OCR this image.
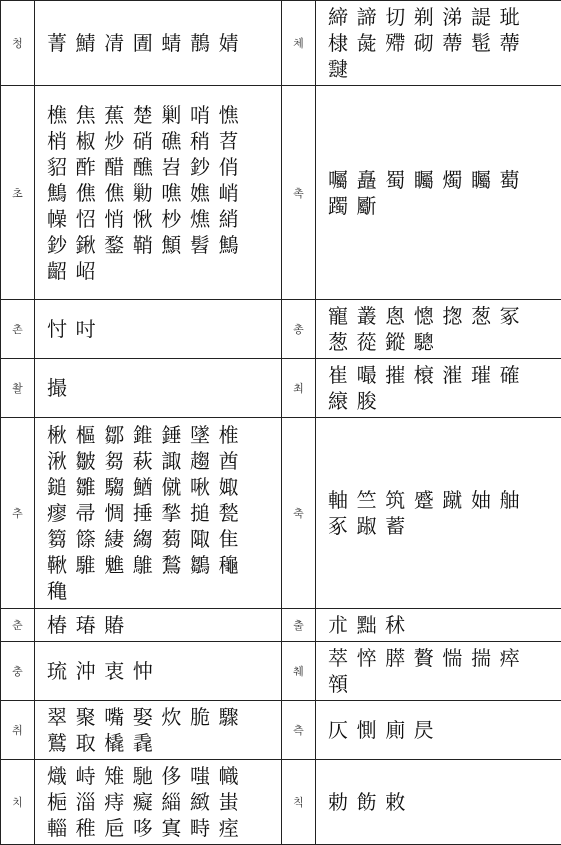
청	菁鯖凊圊蜻鶄婧	체	締諦切剃涕諟玼棣彘殢砌蔕髢蔕靆
초	樵焦蕉楚剿哨憔梢椒炒硝礁稍苕貂酢醋醮岧鈔俏鷦僬僬勦噍嫶峭幧怊悄愀杪燋綃鈔鍬鍪鞘顦髫鷦齠岹	촉	囑矗蜀矚燭矚薥躅斸
촌	忖吋	총	寵叢悤憁揔葱冢葱蓯鏦驄
촬	撮	최	崔嘬摧榱漼璀確縗脧
추	楸樞鄒錐錘墜椎湫皺芻萩諏趨酋鎚雛騶鰌僦啾娵瘳帚惆捶揫搥甃篘篨緀縐蒭陬隹鞦騅魋鵻鶖鶵龝穐	축	軸竺筑蹙蹴妯舳豖踧蓄
춘	椿瑃賰	출	朮黜秫
충	琉沖衷忡	췌	萃悴膵贅惴揣瘁顇
취	翠聚嘴娶炊脆驟鷲取橇毳	측	仄惻廁昃
치	熾峙雉馳侈嗤幟梔淄痔癡緇緻蚩輜稚巵哆寘畤痓	칙	勅飭敕
